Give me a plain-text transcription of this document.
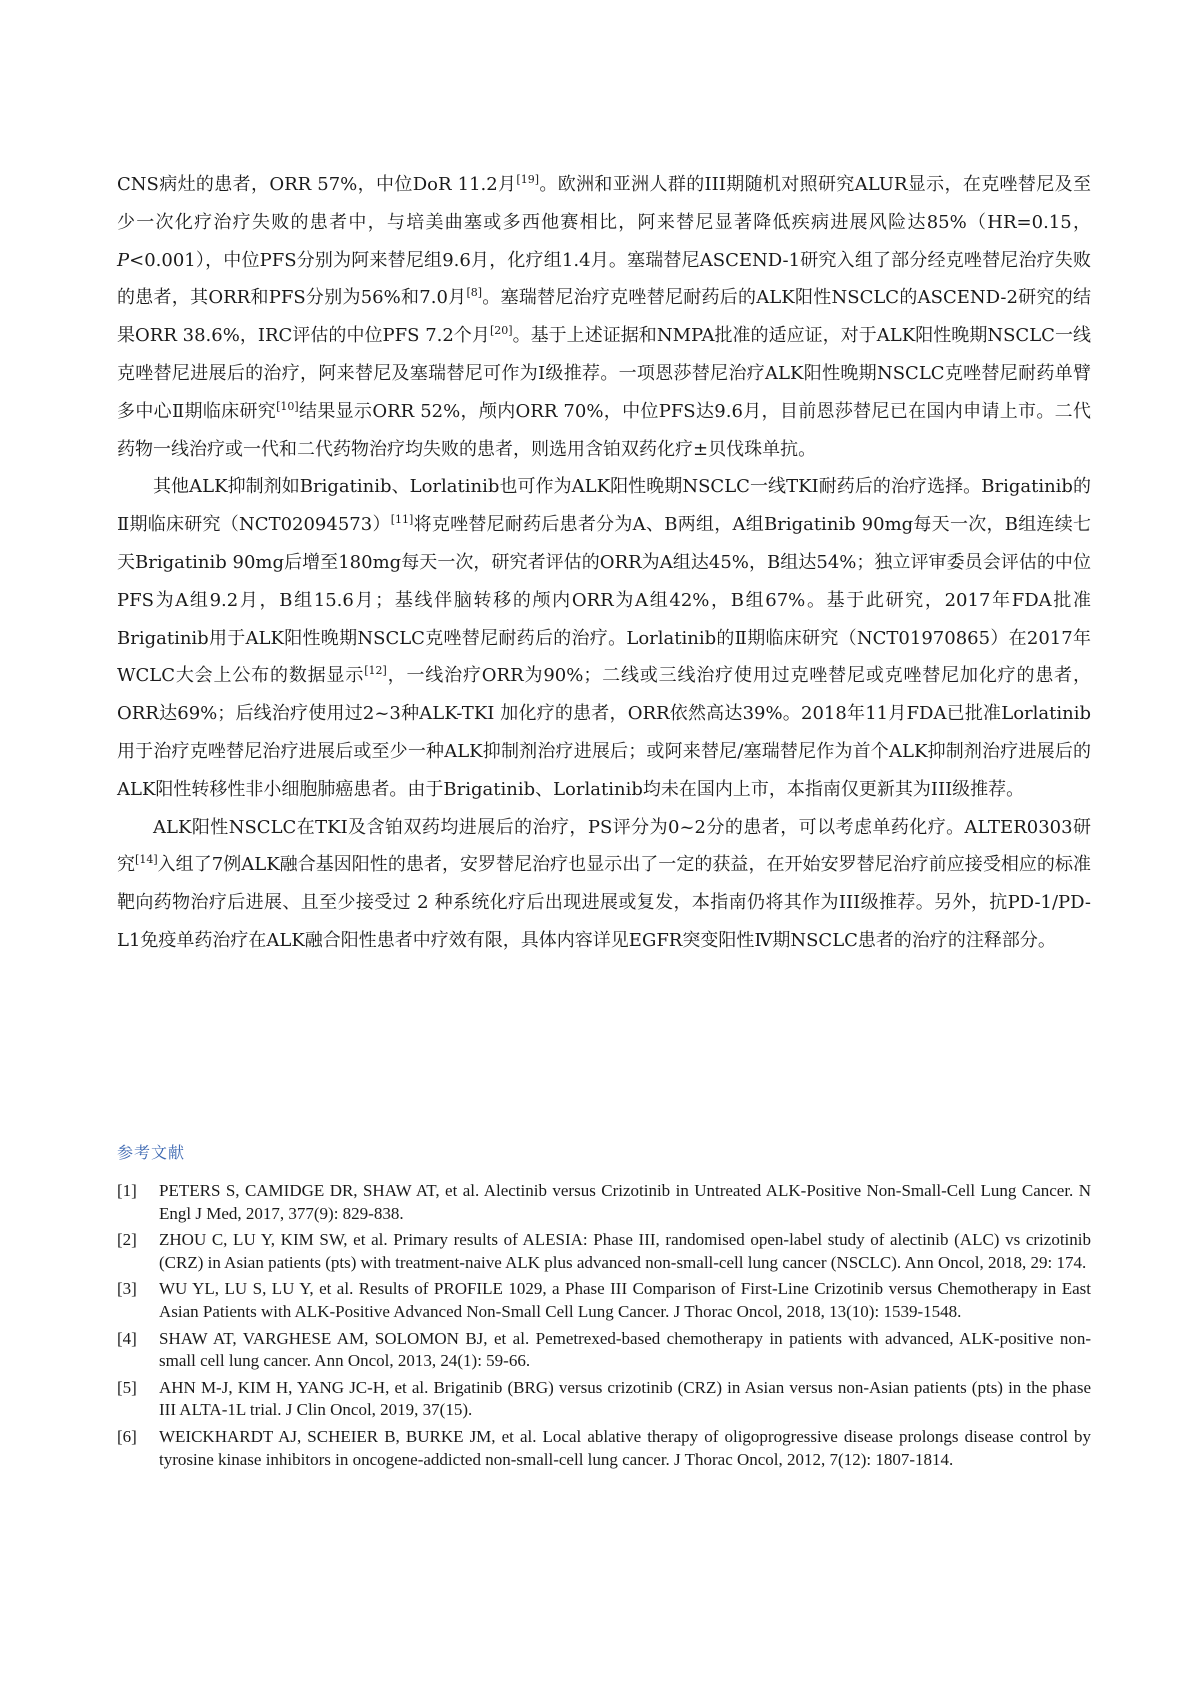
CNS病灶的患者，ORR 57%，中位DoR 11.2月[19]。欧洲和亚洲人群的III期随机对照研究ALUR显示，在克唑替尼及至少一次化疗治疗失败的患者中，与培美曲塞或多西他赛相比，阿来替尼显著降低疾病进展风险达85%（HR=0.15，P<0.001），中位PFS分别为阿来替尼组9.6月，化疗组1.4月。塞瑞替尼ASCEND-1研究入组了部分经克唑替尼治疗失败的患者，其ORR和PFS分别为56%和7.0月[8]。塞瑞替尼治疗克唑替尼耐药后的ALK阳性NSCLC的ASCEND-2研究的结果ORR 38.6%，IRC评估的中位PFS 7.2个月[20]。基于上述证据和NMPA批准的适应证，对于ALK阳性晚期NSCLC一线克唑替尼进展后的治疗，阿来替尼及塞瑞替尼可作为Ⅰ级推荐。一项恩莎替尼治疗ALK阳性晚期NSCLC克唑替尼耐药单臂多中心Ⅱ期临床研究[10]结果显示ORR 52%，颅内ORR 70%，中位PFS达9.6月，目前恩莎替尼已在国内申请上市。二代药物一线治疗或一代和二代药物治疗均失败的患者，则选用含铂双药化疗±贝伐珠单抗。

其他ALK抑制剂如Brigatinib、Lorlatinib也可作为ALK阳性晚期NSCLC一线TKI耐药后的治疗选择。Brigatinib的Ⅱ期临床研究（NCT02094573）[11]将克唑替尼耐药后患者分为A、B两组，A组Brigatinib 90mg每天一次，B组连续七天Brigatinib 90mg后增至180mg每天一次，研究者评估的ORR为A组达45%，B组达54%；独立评审委员会评估的中位PFS为A组9.2月，B组15.6月；基线伴脑转移的颅内ORR为A组42%，B组67%。基于此研究，2017年FDA批准Brigatinib用于ALK阳性晚期NSCLC克唑替尼耐药后的治疗。Lorlatinib的Ⅱ期临床研究（NCT01970865）在2017年WCLC大会上公布的数据显示[12]，一线治疗ORR为90%；二线或三线治疗使用过克唑替尼或克唑替尼加化疗的患者，ORR达69%；后线治疗使用过2~3种ALK-TKI 加化疗的患者，ORR依然高达39%。2018年11月FDA已批准Lorlatinib用于治疗克唑替尼治疗进展后或至少一种ALK抑制剂治疗进展后；或阿来替尼/塞瑞替尼作为首个ALK抑制剂治疗进展后的ALK阳性转移性非小细胞肺癌患者。由于Brigatinib、Lorlatinib均未在国内上市，本指南仅更新其为III级推荐。

ALK阳性NSCLC在TKI及含铂双药均进展后的治疗，PS评分为0~2分的患者，可以考虑单药化疗。ALTER0303研究[14]入组了7例ALK融合基因阳性的患者，安罗替尼治疗也显示出了一定的获益，在开始安罗替尼治疗前应接受相应的标准靶向药物治疗后进展、且至少接受过 2 种系统化疗后出现进展或复发，本指南仍将其作为III级推荐。另外，抗PD-1/PD-L1免疫单药治疗在ALK融合阳性患者中疗效有限，具体内容详见EGFR突变阳性Ⅳ期NSCLC患者的治疗的注释部分。

参考文献
[1]	PETERS S, CAMIDGE DR, SHAW AT, et al. Alectinib versus Crizotinib in Untreated ALK-Positive Non-Small-Cell Lung Cancer. N Engl J Med, 2017, 377(9): 829-838.
[2]	ZHOU C, LU Y, KIM SW, et al. Primary results of ALESIA: Phase III, randomised open-label study of alectinib (ALC) vs crizotinib (CRZ) in Asian patients (pts) with treatment-naive ALK plus advanced non-small-cell lung cancer (NSCLC). Ann Oncol, 2018, 29: 174.
[3]	WU YL, LU S, LU Y, et al. Results of PROFILE 1029, a Phase III Comparison of First-Line Crizotinib versus Chemotherapy in East Asian Patients with ALK-Positive Advanced Non-Small Cell Lung Cancer. J Thorac Oncol, 2018, 13(10): 1539-1548.
[4]	SHAW AT, VARGHESE AM, SOLOMON BJ, et al. Pemetrexed-based chemotherapy in patients with advanced, ALK-positive non-small cell lung cancer. Ann Oncol, 2013, 24(1): 59-66.
[5]	AHN M-J, KIM H, YANG JC-H, et al. Brigatinib (BRG) versus crizotinib (CRZ) in Asian versus non-Asian patients (pts) in the phase III ALTA-1L trial. J Clin Oncol, 2019, 37(15).
[6]	WEICKHARDT AJ, SCHEIER B, BURKE JM, et al. Local ablative therapy of oligoprogressive disease prolongs disease control by tyrosine kinase inhibitors in oncogene-addicted non-small-cell lung cancer. J Thorac Oncol, 2012, 7(12): 1807-1814.
